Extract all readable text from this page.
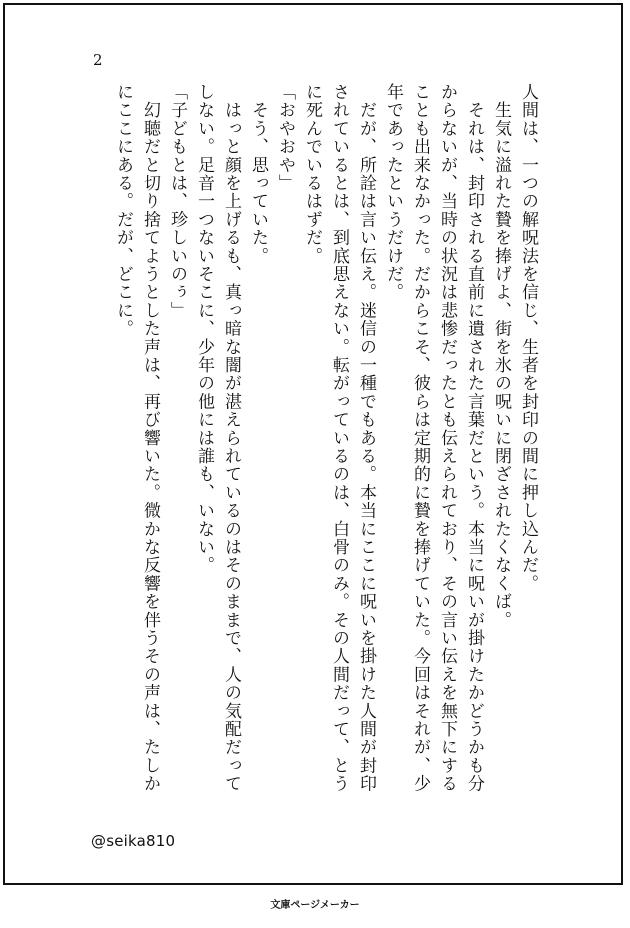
2
人間は、一つの解呪法を信じ、生者を封印の間に押し込んだ。
　生気に溢れた贄を捧げよ、街を氷の呪いに閉ざされたくなくば。
　それは、封印される直前に遺された言葉だという。本当に呪いが掛けたかどうかも分
からないが、当時の状況は悲惨だったとも伝えられており、その言い伝えを無下にする
ことも出来なかった。だからこそ、彼らは定期的に贄を捧げていた。今回はそれが、少
年であったというだけだ。
　だが、所詮は言い伝え。迷信の一種でもある。本当にここに呪いを掛けた人間が封印
されているとは、到底思えない。転がっているのは、白骨のみ。その人間だって、とう
に死んでいるはずだ。
「おやおや」
　そう、思っていた。
　はっと顔を上げるも、真っ暗な闇が湛えられているのはそのままで、人の気配だって
しない。足音一つないそこに、少年の他には誰も、いない。
「子どもとは、珍しいのぅ」
　幻聴だと切り捨てようとした声は、再び響いた。微かな反響を伴うその声は、たしか
にここにある。だが、どこに。
@seika810
文庫ページメーカー
